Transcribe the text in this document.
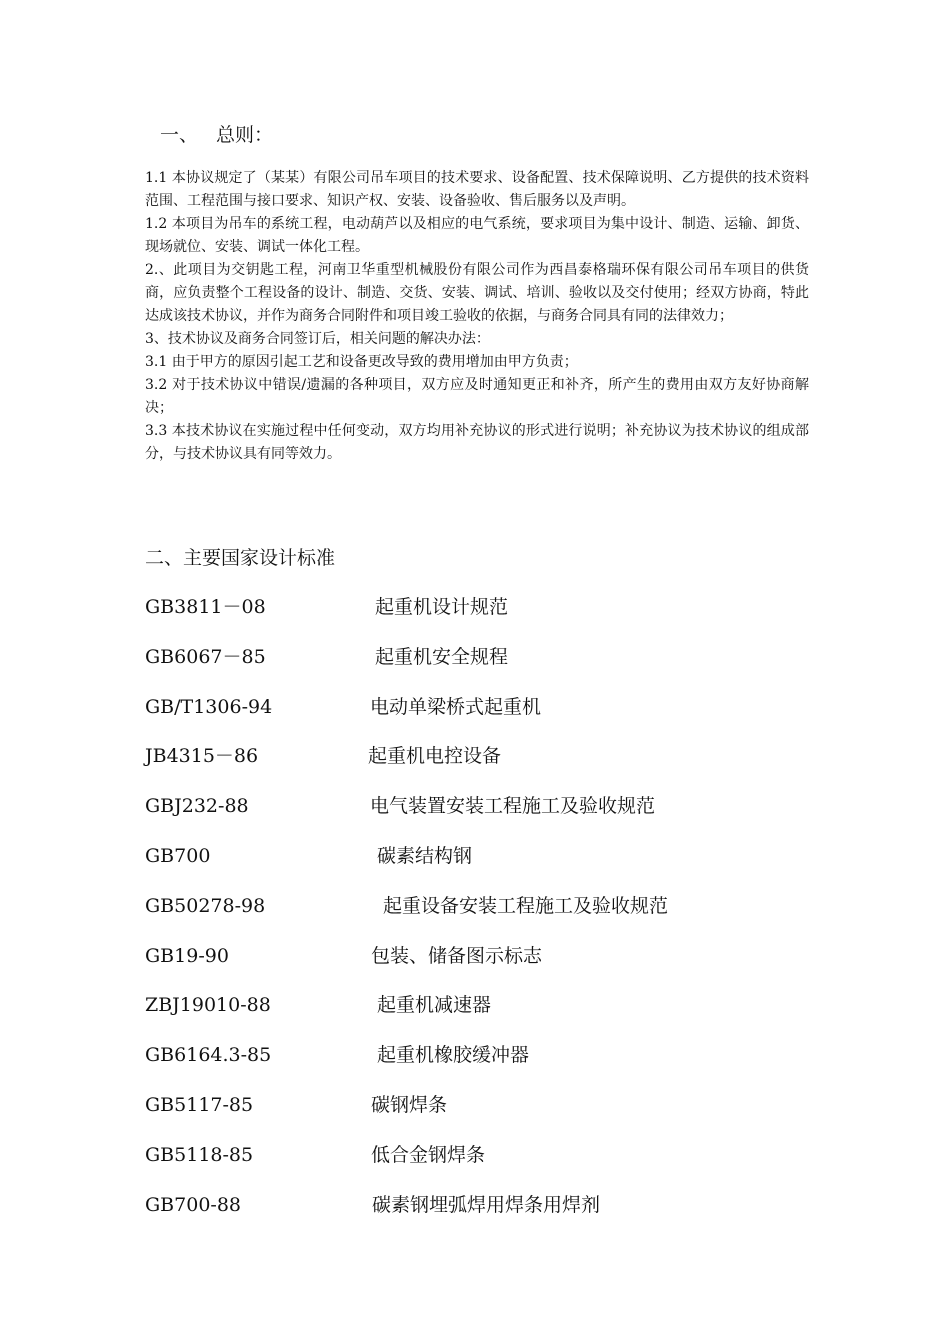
一、 总则：

1.1 本协议规定了（某某）有限公司吊车项目的技术要求、设备配置、技术保障说明、乙方提供的技术资料范围、工程范围与接口要求、知识产权、安装、设备验收、售后服务以及声明。

1.2 本项目为吊车的系统工程，电动葫芦以及相应的电气系统，要求项目为集中设计、制造、运输、卸货、现场就位、安装、调试一体化工程。

2.、此项目为交钥匙工程，河南卫华重型机械股份有限公司作为西昌泰格瑞环保有限公司吊车项目的供货商，应负责整个工程设备的设计、制造、交货、安装、调试、培训、验收以及交付使用；经双方协商，特此达成该技术协议，并作为商务合同附件和项目竣工验收的依据，与商务合同具有同的法律效力；

3、技术协议及商务合同签订后，相关问题的解决办法：

3.1 由于甲方的原因引起工艺和设备更改导致的费用增加由甲方负责；

3.2 对于技术协议中错误/遗漏的各种项目，双方应及时通知更正和补齐，所产生的费用由双方友好协商解决；

3.3 本技术协议在实施过程中任何变动，双方均用补充协议的形式进行说明；补充协议为技术协议的组成部分，与技术协议具有同等效力。

二、主要国家设计标准
GB3811－08	起重机设计规范
GB6067－85	起重机安全规程
GB/T1306-94	电动单梁桥式起重机
JB4315－86	起重机电控设备
GBJ232-88	电气装置安装工程施工及验收规范
GB700	碳素结构钢
GB50278-98	起重设备安装工程施工及验收规范
GB19-90	包装、储备图示标志
ZBJ19010-88	起重机减速器
GB6164.3-85	起重机橡胶缓冲器
GB5117-85	碳钢焊条
GB5118-85	低合金钢焊条
GB700-88	碳素钢埋弧焊用焊条用焊剂
